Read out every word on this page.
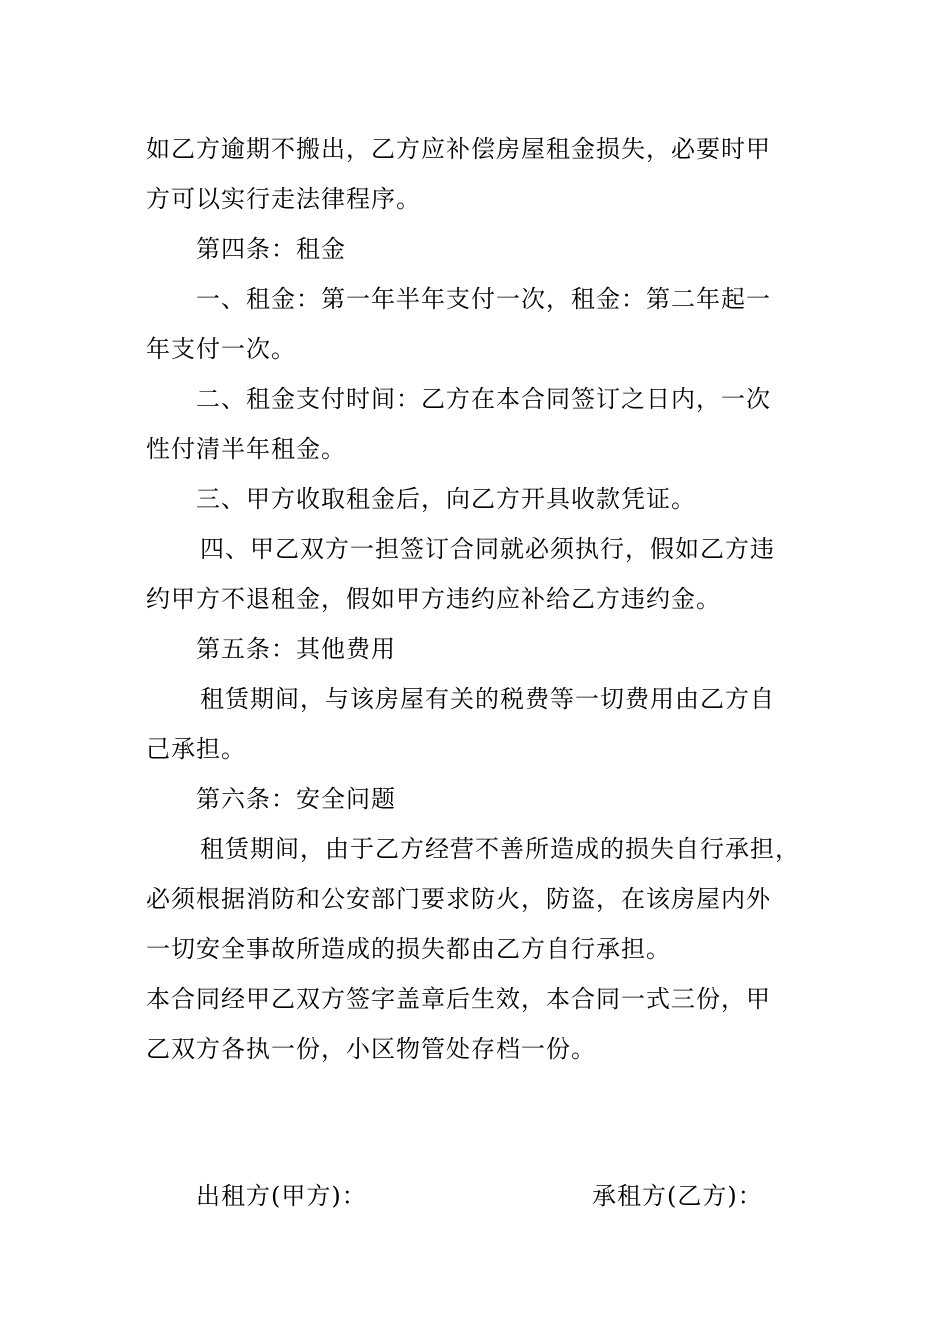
如乙方逾期不搬出，乙方应补偿房屋租金损失，必要时甲
方可以实行走法律程序。
第四条：租金
一、租金：第一年半年支付一次，租金：第二年起一
年支付一次。
二、租金支付时间：乙方在本合同签订之日内，一次
性付清半年租金。
三、甲方收取租金后，向乙方开具收款凭证。
四、甲乙双方一担签订合同就必须执行，假如乙方违
约甲方不退租金，假如甲方违约应补给乙方违约金。
第五条：其他费用
租赁期间，与该房屋有关的税费等一切费用由乙方自
己承担。
第六条：安全问题
租赁期间，由于乙方经营不善所造成的损失自行承担，
必须根据消防和公安部门要求防火，防盗，在该房屋内外
一切安全事故所造成的损失都由乙方自行承担。
本合同经甲乙双方签字盖章后生效，本合同一式三份，甲
乙双方各执一份，小区物管处存档一份。
出租方(甲方)：	承租方(乙方)：
